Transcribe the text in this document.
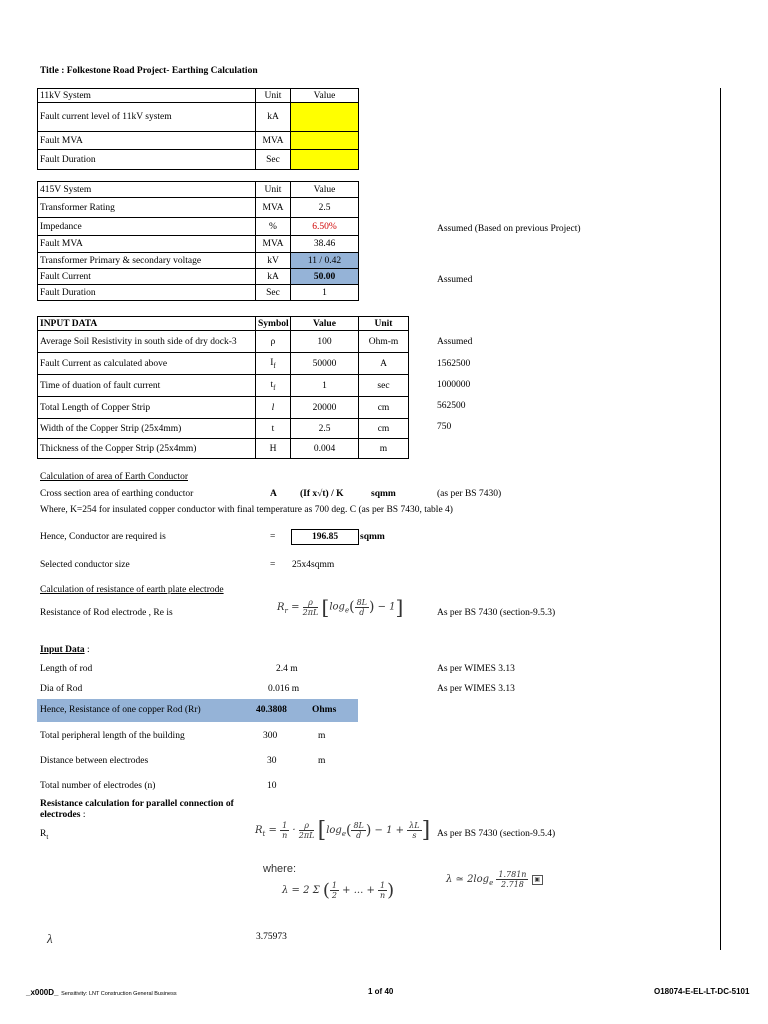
Title : Folkestone Road Project- Earthing Calculation
11kV System	Unit	Value
Fault current level of 11kV system	kA	
Fault MVA	MVA	
Fault Duration	Sec	
415V System	Unit	Value
Transformer Rating	MVA	2.5
Impedance	%	6.50%
Fault MVA	MVA	38.46
Transformer Primary & secondary voltage	kV	11 / 0.42
Fault Current	kA	50.00
Fault Duration	Sec	1
Assumed (Based on previous Project)
Assumed
INPUT DATA	Symbol	Value	Unit
Average Soil Resistivity in south side of dry dock-3	ρ	100	Ohm-m
Fault Current as calculated above	$I_f$	50000	A
Time of duation of fault current	$t_f$	1	sec
Total Length of Copper Strip	l	20000	cm
Width of the Copper Strip (25x4mm)	t	2.5	cm
Thickness of the Copper Strip (25x4mm)	H	0.004	m
Assumed
1562500
1000000
562500
750
Calculation of area of Earth Conductor
Cross section area of earthing conductor	A (If x√t) / K	sqmm	(as per BS 7430)
Where, K=254 for insulated copper conductor with final temperature as 700 deg. C (as per BS 7430, table 4)
Hence, Conductor are required is	=	196.85	sqmm
Selected conductor size	= 25x4sqmm
Calculation of resistance of earth plate electrode
Resistance of Rod electrode , Re is
$R_r = \frac{\rho}{2\pi L} [\log_e( \frac{8L}{d}$ ) − 1]	As per BS 7430 (section-9.5.3)
Input Data :
Length of rod	2.4 m	As per WIMES 3.13
Dia of Rod	0.016 m	As per WIMES 3.13
Hence, Resistance of one copper Rod (Rr)	40.3808	Ohms
Total peripheral length of the building	300	m
Distance between electrodes	30	m
Total number of electrodes (n)	10
Resistance calculation for parallel connection of electrodes :
$R_t$
$R_t = \frac{1}{n} \cdot \frac{\rho}{2\pi L} [\log_e( \frac{8L}{d}$ ) − $1 + \frac{\lambda L}{s}$ ] As per BS 7430 (section-9.5.4)
where:
λ = 2 Σ ( $\frac{1}{2}$ + ... + $\frac{1}{n}$ )
λ ≃ $2\log_e \frac{1.781n}{2.718}$ ▣
λ	3.75973
_x000D_ Sensitivity: LNT Construction General Business	1 of 40	O18074-E-EL-LT-DC-5101
